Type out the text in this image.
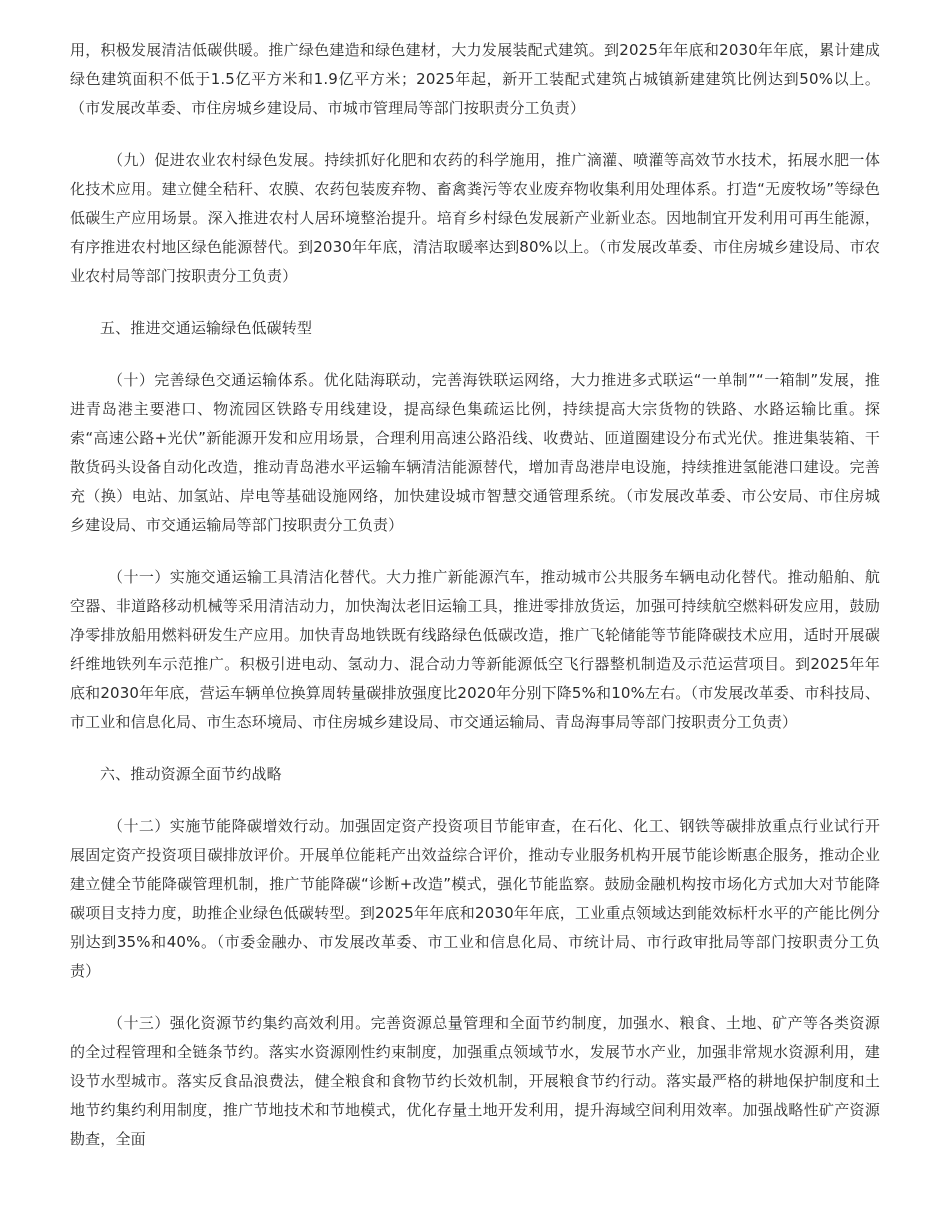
用，积极发展清洁低碳供暖。推广绿色建造和绿色建材，大力发展装配式建筑。到2025年年底和2030年年底，累计建成绿色建筑面积不低于1.5亿平方米和1.9亿平方米；2025年起，新开工装配式建筑占城镇新建建筑比例达到50%以上。（市发展改革委、市住房城乡建设局、市城市管理局等部门按职责分工负责）

（九）促进农业农村绿色发展。持续抓好化肥和农药的科学施用，推广滴灌、喷灌等高效节水技术，拓展水肥一体化技术应用。建立健全秸秆、农膜、农药包装废弃物、畜禽粪污等农业废弃物收集利用处理体系。打造“无废牧场”等绿色低碳生产应用场景。深入推进农村人居环境整治提升。培育乡村绿色发展新产业新业态。因地制宜开发利用可再生能源，有序推进农村地区绿色能源替代。到2030年年底，清洁取暖率达到80%以上。（市发展改革委、市住房城乡建设局、市农业农村局等部门按职责分工负责）

五、推进交通运输绿色低碳转型

（十）完善绿色交通运输体系。优化陆海联动，完善海铁联运网络，大力推进多式联运“一单制”“一箱制”发展，推进青岛港主要港口、物流园区铁路专用线建设，提高绿色集疏运比例，持续提高大宗货物的铁路、水路运输比重。探索“高速公路+光伏”新能源开发和应用场景，合理利用高速公路沿线、收费站、匝道圈建设分布式光伏。推进集装箱、干散货码头设备自动化改造，推动青岛港水平运输车辆清洁能源替代，增加青岛港岸电设施，持续推进氢能港口建设。完善充（换）电站、加氢站、岸电等基础设施网络，加快建设城市智慧交通管理系统。（市发展改革委、市公安局、市住房城乡建设局、市交通运输局等部门按职责分工负责）

（十一）实施交通运输工具清洁化替代。大力推广新能源汽车，推动城市公共服务车辆电动化替代。推动船舶、航空器、非道路移动机械等采用清洁动力，加快淘汰老旧运输工具，推进零排放货运，加强可持续航空燃料研发应用，鼓励净零排放船用燃料研发生产应用。加快青岛地铁既有线路绿色低碳改造，推广飞轮储能等节能降碳技术应用，适时开展碳纤维地铁列车示范推广。积极引进电动、氢动力、混合动力等新能源低空飞行器整机制造及示范运营项目。到2025年年底和2030年年底，营运车辆单位换算周转量碳排放强度比2020年分别下降5%和10%左右。（市发展改革委、市科技局、市工业和信息化局、市生态环境局、市住房城乡建设局、市交通运输局、青岛海事局等部门按职责分工负责）

六、推动资源全面节约战略

（十二）实施节能降碳增效行动。加强固定资产投资项目节能审查，在石化、化工、钢铁等碳排放重点行业试行开展固定资产投资项目碳排放评价。开展单位能耗产出效益综合评价，推动专业服务机构开展节能诊断惠企服务，推动企业建立健全节能降碳管理机制，推广节能降碳“诊断+改造”模式，强化节能监察。鼓励金融机构按市场化方式加大对节能降碳项目支持力度，助推企业绿色低碳转型。到2025年年底和2030年年底，工业重点领域达到能效标杆水平的产能比例分别达到35%和40%。（市委金融办、市发展改革委、市工业和信息化局、市统计局、市行政审批局等部门按职责分工负责）

（十三）强化资源节约集约高效利用。完善资源总量管理和全面节约制度，加强水、粮食、土地、矿产等各类资源的全过程管理和全链条节约。落实水资源刚性约束制度，加强重点领域节水，发展节水产业，加强非常规水资源利用，建设节水型城市。落实反食品浪费法，健全粮食和食物节约长效机制，开展粮食节约行动。落实最严格的耕地保护制度和土地节约集约利用制度，推广节地技术和节地模式，优化存量土地开发利用，提升海域空间利用效率。加强战略性矿产资源勘查，全面
